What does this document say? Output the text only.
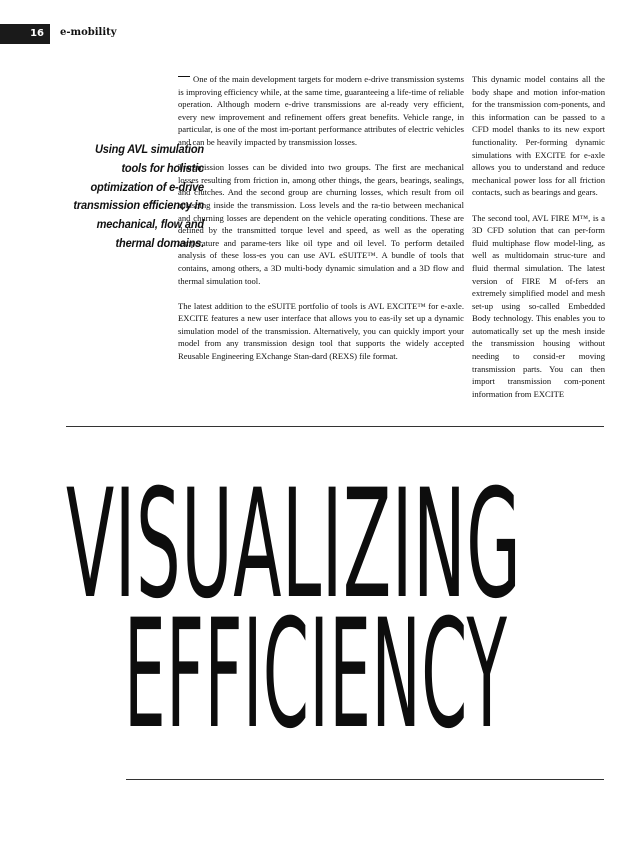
16	e-mobility
Using AVL simulation tools for holistic optimization of e-drive transmission efficiency in mechanical, flow and thermal domains.

One of the main development targets for modern e-drive transmission systems is improving efficiency while, at the same time, guaranteeing a life-time of reliable operation. Although modern e-drive transmissions are al-ready very efficient, every new improvement and refinement offers great benefits. Vehicle range, in particular, is one of the most im-portant performance attributes of electric vehicles and can be heavily impacted by transmission losses.

Transmission losses can be divided into two groups. The first are mechanical losses resulting from friction in, among other things, the gears, bearings, sealings, and clutches. And the second group are churning losses, which result from oil splashing inside the transmission. Loss levels and the ra-tio between mechanical and churning losses are dependent on the vehicle operating conditions. These are defined by the transmitted torque level and speed, as well as the operating temperature and parame-ters like oil type and oil level. To perform detailed analysis of these loss-es you can use AVL eSUITE™. A bundle of tools that contains, among others, a 3D multi-body dynamic simulation and a 3D flow and thermal simulation tool.

The latest addition to the eSUITE portfolio of tools is AVL EXCITE™ for e-axle. EXCITE features a new user interface that allows you to eas-ily set up a dynamic simulation model of the transmission. Alternatively, you can quickly import your model from any transmission design tool that supports the widely accepted Reusable Engineering EXchange Stan-dard (REXS) file format.

This dynamic model contains all the body shape and motion infor-mation for the transmission com-ponents, and this information can be passed to a CFD model thanks to its new export functionality. Per-forming dynamic simulations with EXCITE for e-axle allows you to understand and reduce mechanical power loss for all friction contacts, such as bearings and gears.

The second tool, AVL FIRE M™, is a 3D CFD solution that can per-form fluid multiphase flow model-ling, as well as multidomain struc-ture and fluid thermal simulation. The latest version of FIRE M of-fers an extremely simplified model and mesh set-up using so-called Embedded Body technology. This enables you to automatically set up the mesh inside the transmission housing without needing to consid-er moving transmission parts. You can then import transmission com-ponent information from EXCITE

VISUALIZING
EFFICIENCY
